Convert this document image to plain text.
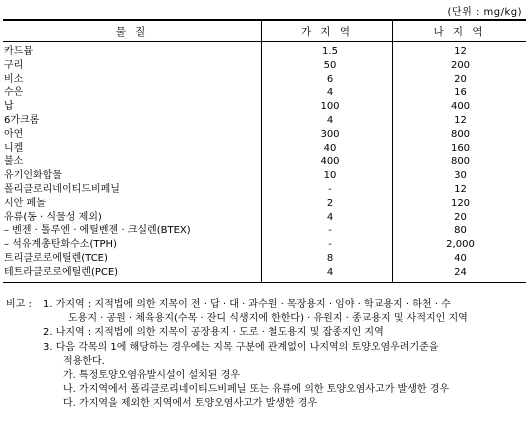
(단위 : mg/kg)
물 질	가 지 역	나 지 역
카드뮴	1.5	12
구리	50	200
비소	6	20
수은	4	16
납	100	400
6가크롬	4	12
아연	300	800
니켈	40	160
불소	400	800
유기인화합물	10	30
폴리클로리네이티드비페닐	-	12
시안 페놀	2	120
유류(동 · 식물성 제외)	4	20
– 벤젠 · 톨루엔 · 에틸벤젠 · 크실렌(BTEX)	-	80
– 석유계총탄화수소(TPH)	-	2,000
트리클로로에틸렌(TCE)	8	40
테트라클로로에틸렌(PCE)	4	24
비고 :	1. 가지역 : 지적법에 의한 지목이 전 · 답 · 대 · 과수원 · 목장용지 · 임야 · 학교용지 · 하천 · 수
도용지 · 공원 · 체육용지(수목 · 잔디 식생지에 한한다) · 유원지 · 종교용지 및 사적지인 지역
2. 나지역 : 지적법에 의한 지목이 공장용지 · 도로 · 철도용지 및 잡종지인 지역
3. 다음 각목의 1에 해당하는 경우에는 지목 구분에 관계없이 나지역의 토양오염우려기준을
적용한다.
가. 특정토양오염유발시설이 설치된 경우
나. 가지역에서 폴리클로리네이티드비페닐 또는 유류에 의한 토양오염사고가 발생한 경우
다. 가지역을 제외한 지역에서 토양오염사고가 발생한 경우
